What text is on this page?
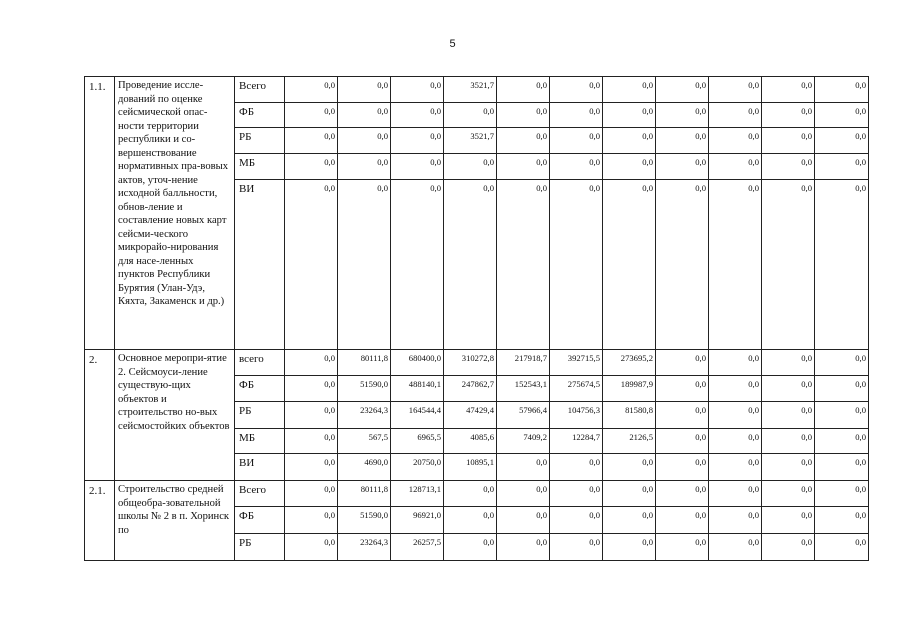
5
1.1.	Проведение иссле-дований по оценке сейсмической опас-ности территории республики и со-вершенствование нормативных пра-вовых актов, уточ-нение исходной балльности, обнов-ление и составление новых карт сейсми-ческого микрорайо-нирования для насе-ленных пунктов Республики Бурятия (Улан-Удэ, Кяхта, Закаменск и др.)	Всего	0,0	0,0	0,0	3521,7	0,0	0,0	0,0	0,0	0,0	0,0	0,0
		ФБ	0,0	0,0	0,0	0,0	0,0	0,0	0,0	0,0	0,0	0,0	0,0
		РБ	0,0	0,0	0,0	3521,7	0,0	0,0	0,0	0,0	0,0	0,0	0,0
		МБ	0,0	0,0	0,0	0,0	0,0	0,0	0,0	0,0	0,0	0,0	0,0
		ВИ	0,0	0,0	0,0	0,0	0,0	0,0	0,0	0,0	0,0	0,0	0,0
2.	Основное меропри-ятие 2. Сейсмоуси-ление существую-щих объектов и строительство но-вых сейсмостойких объектов	всего	0,0	80111,8	680400,0	310272,8	217918,7	392715,5	273695,2	0,0	0,0	0,0	0,0
		ФБ	0,0	51590,0	488140,1	247862,7	152543,1	275674,5	189987,9	0,0	0,0	0,0	0,0
		РБ	0,0	23264,3	164544,4	47429,4	57966,4	104756,3	81580,8	0,0	0,0	0,0	0,0
		МБ	0,0	567,5	6965,5	4085,6	7409,2	12284,7	2126,5	0,0	0,0	0,0	0,0
		ВИ	0,0	4690,0	20750,0	10895,1	0,0	0,0	0,0	0,0	0,0	0,0	0,0
2.1.	Строительство средней общеобра-зовательной школы № 2 в п. Хоринск по	Всего	0,0	80111,8	128713,1	0,0	0,0	0,0	0,0	0,0	0,0	0,0	0,0
		ФБ	0,0	51590,0	96921,0	0,0	0,0	0,0	0,0	0,0	0,0	0,0	0,0
		РБ	0,0	23264,3	26257,5	0,0	0,0	0,0	0,0	0,0	0,0	0,0	0,0
